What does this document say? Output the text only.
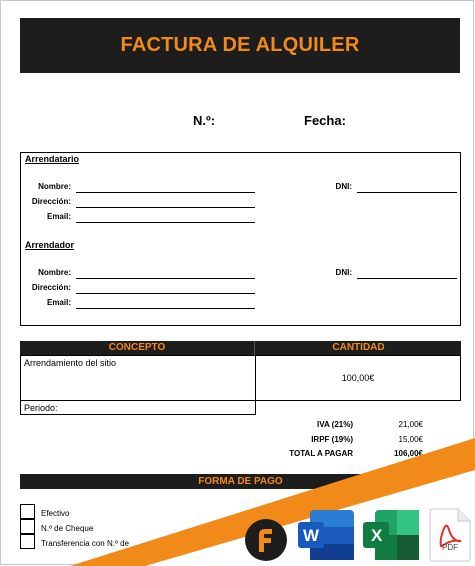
FACTURA DE ALQUILER
N.º:	Fecha:
Arrendatario
Nombre:
Dirección:
Email:
DNI:
Arrendador
Nombre:
Dirección:
Email:
DNI:
CONCEPTO	CANTIDAD
Arrendamiento del sitio
100,00€
Periodo:
IVA (21%)	21,00€
IRPF (19%)	15,00€
TOTAL A PAGAR	106,00€
FORMA DE PAGO
Efectivo
N.º de Cheque
Transferencia con N.º de	W	X
PDF
